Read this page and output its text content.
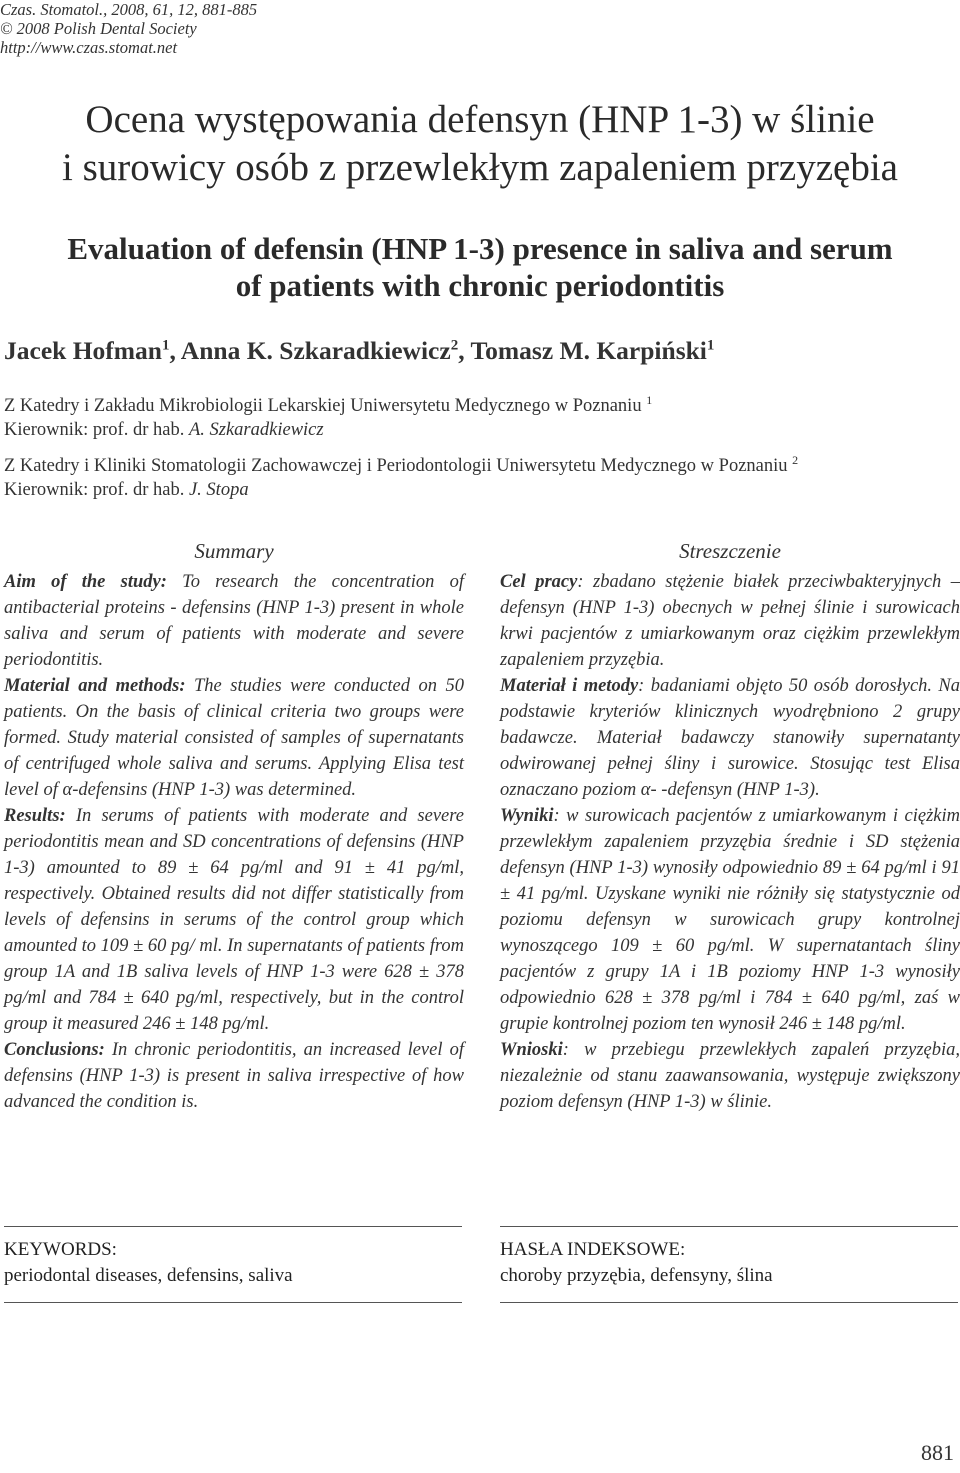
Czas. Stomatol., 2008, 61, 12, 881-885
© 2008 Polish Dental Society
http://www.czas.stomat.net
Ocena występowania defensyn (HNP 1-3) w ślinie
i surowicy osób z przewlekłym zapaleniem przyzębia
Evaluation of defensin (HNP 1-3) presence in saliva and serum
of patients with chronic periodontitis
Jacek Hofman$^1$, Anna K. Szkaradkiewicz$^2$, Tomasz M. Karpiński$^1$
Z Katedry i Zakładu Mikrobiologii Lekarskiej Uniwersytetu Medycznego w Poznaniu $^1$
Kierownik: prof. dr hab. A. Szkaradkiewicz
Z Katedry i Kliniki Stomatologii Zachowawczej i Periodontologii Uniwersytetu Medycznego w Poznaniu $^2$
Kierownik: prof. dr hab. J. Stopa
Summary

Aim of the study: To research the concentration of antibacterial proteins - defensins (HNP 1-3) present in whole saliva and serum of patients with moderate and severe periodontitis.

Material and methods: The studies were conducted on 50 patients. On the basis of clinical criteria two groups were formed. Study material consisted of samples of supernatants of centrifuged whole saliva and serums. Applying Elisa test level of α-defensins (HNP 1-3) was determined.

Results: In serums of patients with moderate and severe periodontitis mean and SD concentrations of defensins (HNP 1-3) amounted to 89 ± 64 pg/ml and 91 ± 41 pg/ml, respectively. Obtained results did not differ statistically from levels of defensins in serums of the control group which amounted to 109 ± 60 pg/ ml. In supernatants of patients from group 1A and 1B saliva levels of HNP 1-3 were 628 ± 378 pg/ml and 784 ± 640 pg/ml, respectively, but in the control group it measured 246 ± 148 pg/ml.

Conclusions: In chronic periodontitis, an increased level of defensins (HNP 1-3) is present in saliva irrespective of how advanced the condition is.

Streszczenie

Cel pracy: zbadano stężenie białek przeciwbakteryjnych – defensyn (HNP 1-3) obecnych w pełnej ślinie i surowicach krwi pacjentów z umiarkowanym oraz ciężkim przewlekłym zapaleniem przyzębia.

Materiał i metody: badaniami objęto 50 osób dorosłych. Na podstawie kryteriów klinicznych wyodrębniono 2 grupy badawcze. Materiał badawczy stanowiły supernatanty odwirowanej pełnej śliny i surowice. Stosując test Elisa oznaczano poziom α- -defensyn (HNP 1-3).

Wyniki: w surowicach pacjentów z umiarkowanym i ciężkim przewlekłym zapaleniem przyzębia średnie i SD stężenia defensyn (HNP 1-3) wynosiły odpowiednio 89 ± 64 pg/ml i 91 ± 41 pg/ml. Uzyskane wyniki nie różniły się statystycznie od poziomu defensyn w surowicach grupy kontrolnej wynoszącego 109 ± 60 pg/ml. W supernatantach śliny pacjentów z grupy 1A i 1B poziomy HNP 1-3 wynosiły odpowiednio 628 ± 378 pg/ml i 784 ± 640 pg/ml, zaś w grupie kontrolnej poziom ten wynosił 246 ± 148 pg/ml.

Wnioski: w przebiegu przewlekłych zapaleń przyzębia, niezależnie od stanu zaawansowania, występuje zwiększony poziom defensyn (HNP 1-3) w ślinie.

KEYWORDS:
periodontal diseases, defensins, saliva
HASŁA INDEKSOWE:
choroby przyzębia, defensyny, ślina
881
